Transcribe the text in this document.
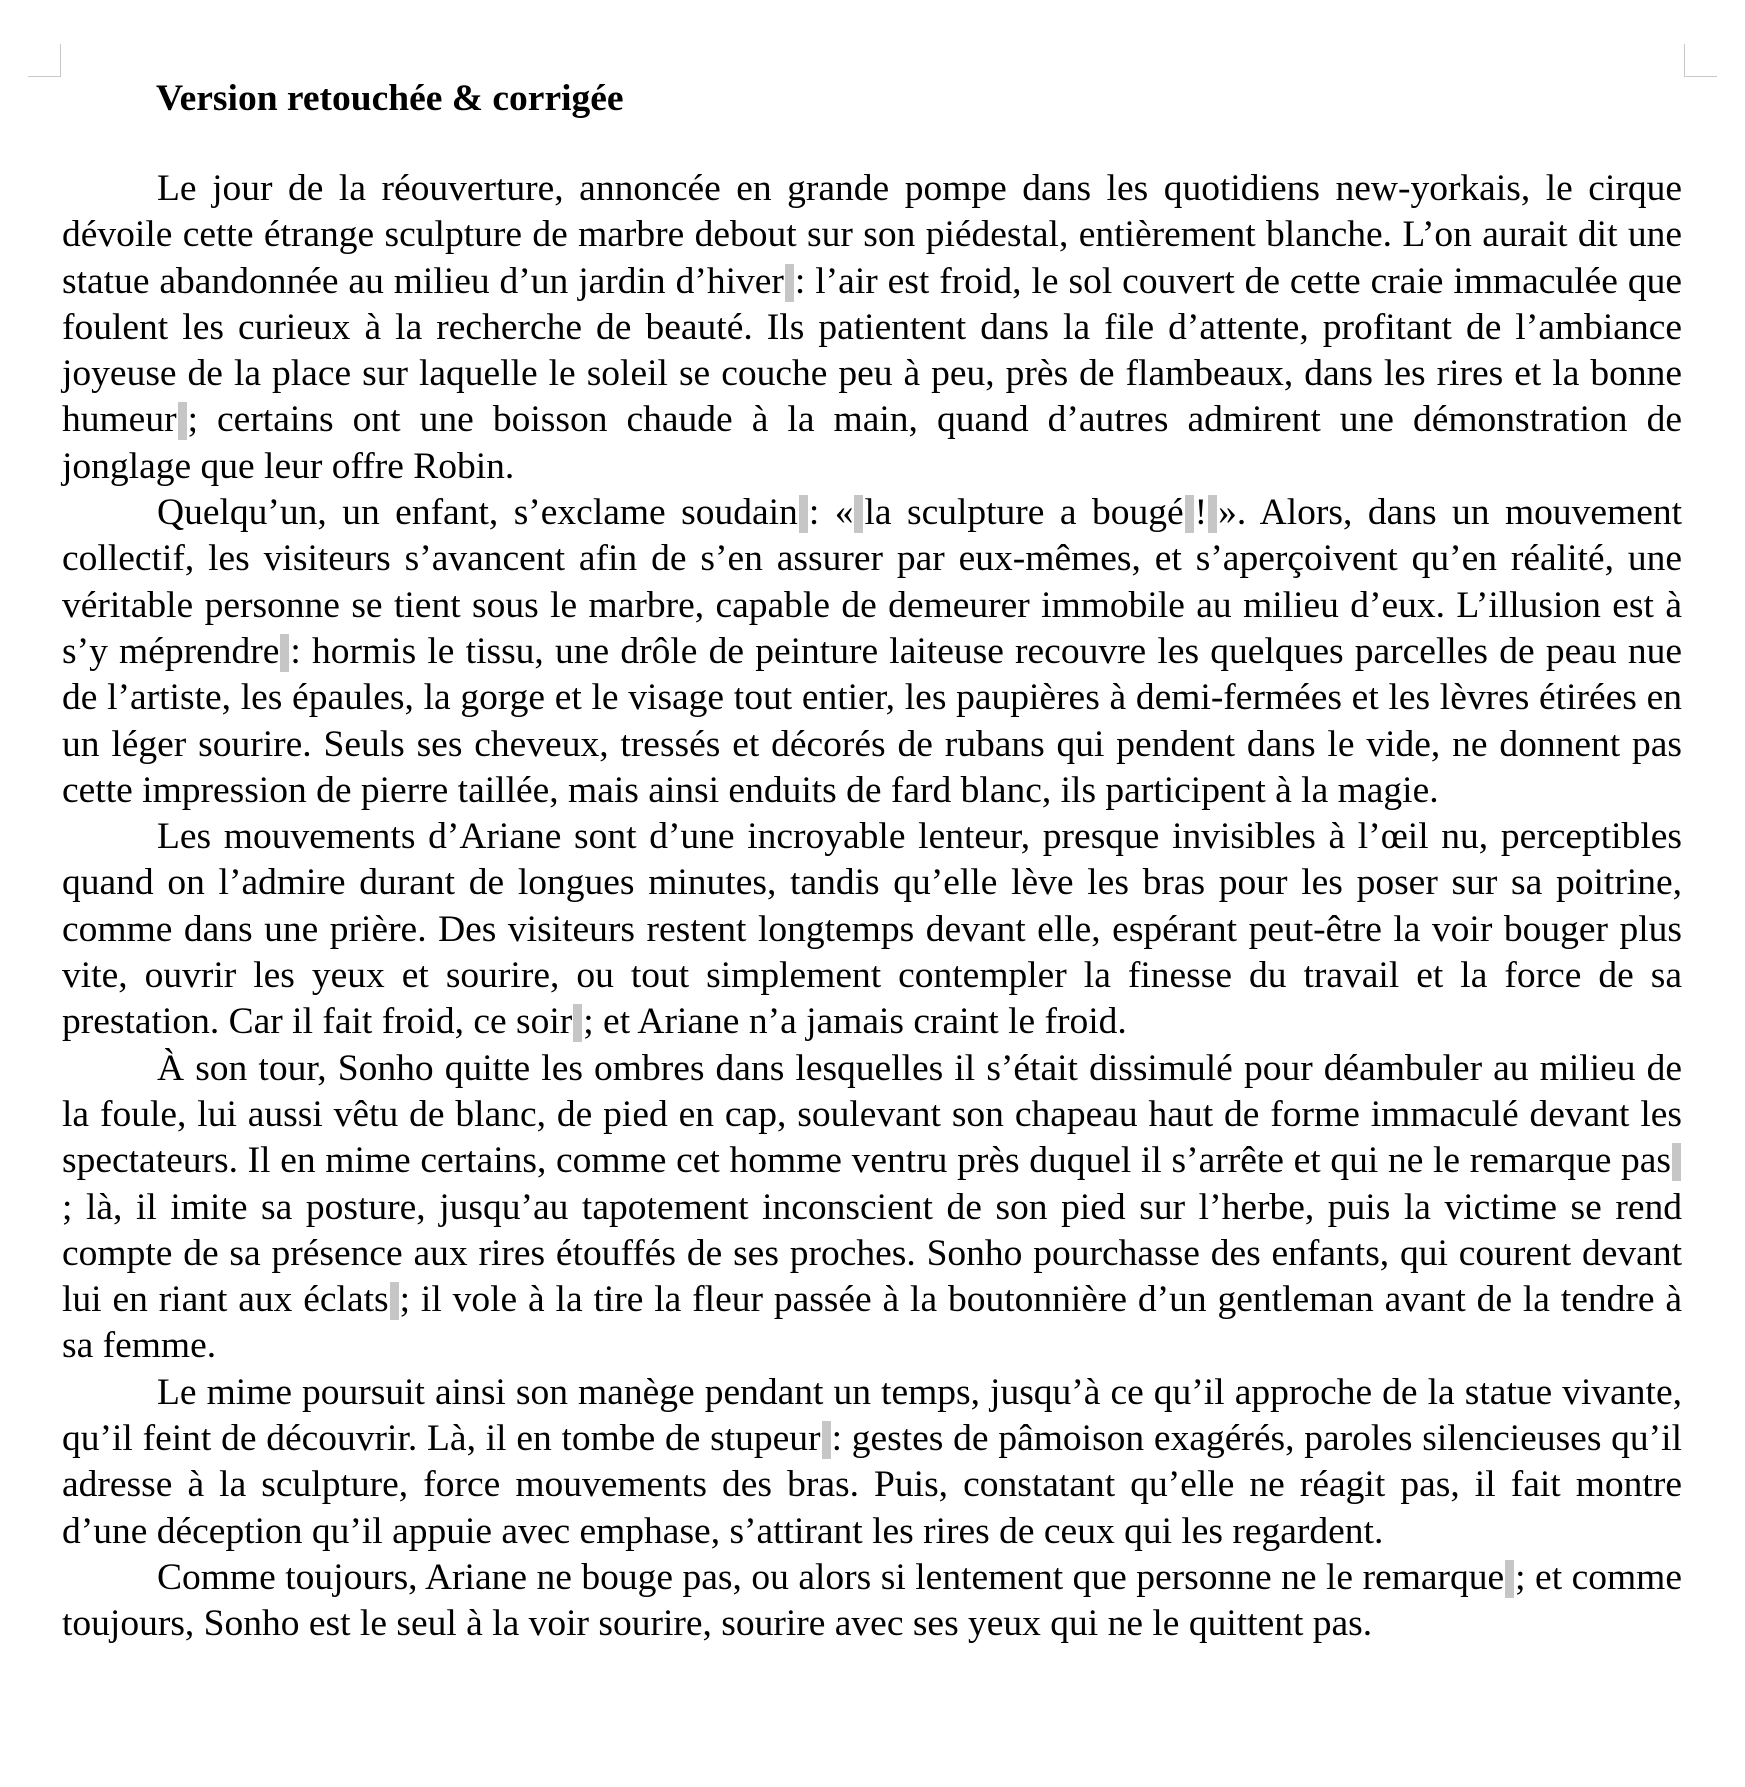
Version retouchée & corrigée

Le jour de la réouverture, annoncée en grande pompe dans les quotidiens new-yorkais, le cirque dévoile cette étrange sculpture de marbre debout sur son piédestal, entièrement blanche. L’on aurait dit une statue abandonnée au milieu d’un jardin d’hiver : l’air est froid, le sol couvert de cette craie immaculée que foulent les curieux à la recherche de beauté. Ils patientent dans la file d’attente, profitant de l’ambiance joyeuse de la place sur laquelle le soleil se couche peu à peu, près de flambeaux, dans les rires et la bonne humeur ; certains ont une boisson chaude à la main, quand d’autres admirent une démonstration de jonglage que leur offre Robin.

Quelqu’un, un enfant, s’exclame soudain : « la sculpture a bougé ! ». Alors, dans un mouvement collectif, les visiteurs s’avancent afin de s’en assurer par eux-mêmes, et s’aperçoivent qu’en réalité, une véritable personne se tient sous le marbre, capable de demeurer immobile au milieu d’eux. L’illusion est à s’y méprendre : hormis le tissu, une drôle de peinture laiteuse recouvre les quelques parcelles de peau nue de l’artiste, les épaules, la gorge et le visage tout entier, les paupières à demi-fermées et les lèvres étirées en un léger sourire. Seuls ses cheveux, tressés et décorés de rubans qui pendent dans le vide, ne donnent pas cette impression de pierre taillée, mais ainsi enduits de fard blanc, ils participent à la magie.

Les mouvements d’Ariane sont d’une incroyable lenteur, presque invisibles à l’œil nu, perceptibles quand on l’admire durant de longues minutes, tandis qu’elle lève les bras pour les poser sur sa poitrine, comme dans une prière. Des visiteurs restent longtemps devant elle, espérant peut-être la voir bouger plus vite, ouvrir les yeux et sourire, ou tout simplement contempler la finesse du travail et la force de sa prestation. Car il fait froid, ce soir ; et Ariane n’a jamais craint le froid.

À son tour, Sonho quitte les ombres dans lesquelles il s’était dissimulé pour déambuler au milieu de la foule, lui aussi vêtu de blanc, de pied en cap, soulevant son chapeau haut de forme immaculé devant les spectateurs. Il en mime certains, comme cet homme ventru près duquel il s’arrête et qui ne le remarque pas; là, il imite sa posture, jusqu’au tapotement inconscient de son pied sur l’herbe, puis la victime se rend compte de sa présence aux rires étouffés de ses proches. Sonho pourchasse des enfants, qui courent devant lui en riant aux éclats ; il vole à la tire la fleur passée à la boutonnière d’un gentleman avant de la tendre à sa femme.

Le mime poursuit ainsi son manège pendant un temps, jusqu’à ce qu’il approche de la statue vivante, qu’il feint de découvrir. Là, il en tombe de stupeur : gestes de pâmoison exagérés, paroles silencieuses qu’il adresse à la sculpture, force mouvements des bras. Puis, constatant qu’elle ne réagit pas, il fait montre d’une déception qu’il appuie avec emphase, s’attirant les rires de ceux qui les regardent.

Comme toujours, Ariane ne bouge pas, ou alors si lentement que personne ne le remarque ; et comme toujours, Sonho est le seul à la voir sourire, sourire avec ses yeux qui ne le quittent pas.
